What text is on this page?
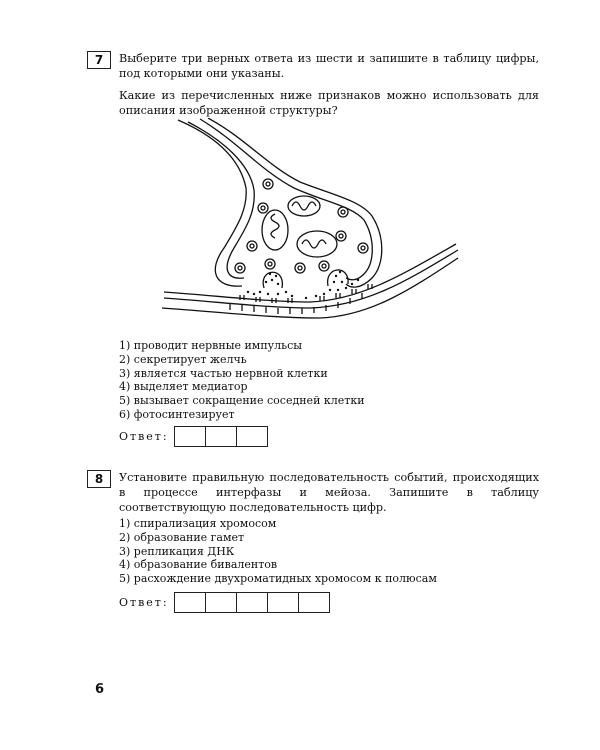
7	Выберите три верных ответа из шести и запишите в таблицу цифры, под которыми они указаны.
Какие из перечисленных ниже признаков можно использовать для описания изображенной структуры?
1) проводит нервные импульсы
2) секретирует желчь
3) является частью нервной клетки
4) выделяет медиатор
5) вызывает сокращение соседней клетки
6) фотосинтезирует
Ответ:
8	Установите правильную последовательность событий, происходящих в процессе интерфазы и мейоза. Запишите в таблицу соответствующую последовательность цифр.
1) спирализация хромосом
2) образование гамет
3) репликация ДНК
4) образование бивалентов
5) расхождение двухроматидных хромосом к полюсам
Ответ:
6
